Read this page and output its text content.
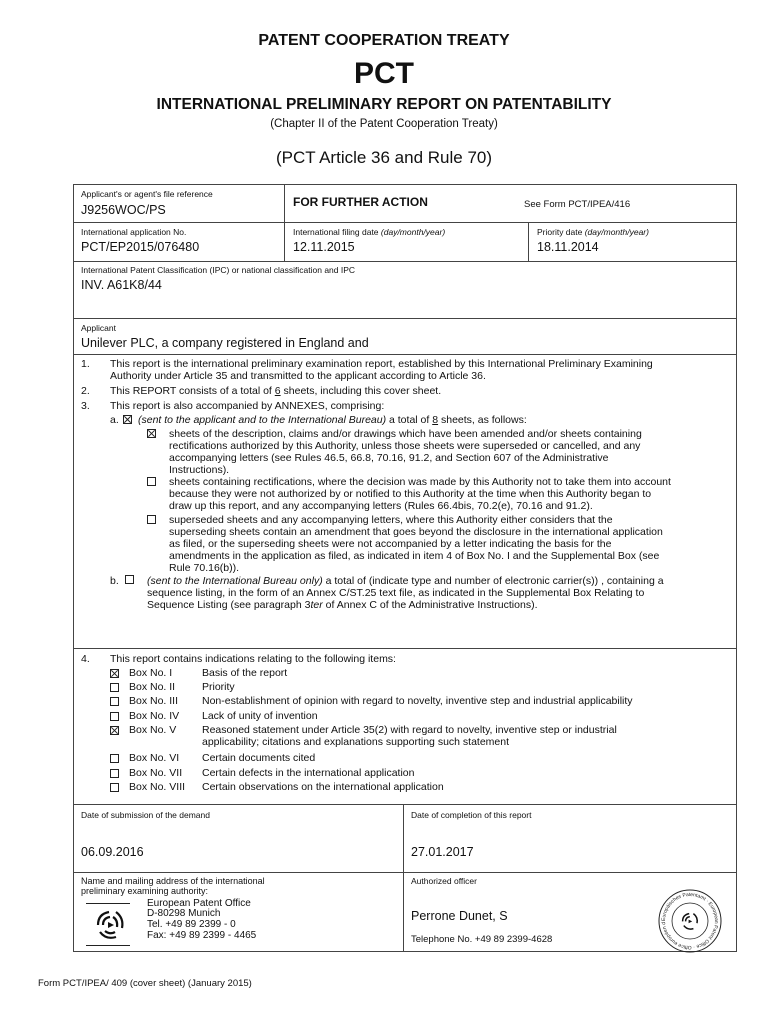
PATENT COOPERATION TREATY
PCT
INTERNATIONAL PRELIMINARY REPORT ON PATENTABILITY
(Chapter II of the Patent Cooperation Treaty)
(PCT Article 36 and Rule 70)
Applicant's or agent's file reference
J9256WOC/PS
FOR FURTHER ACTION	See Form PCT/IPEA/416
International application No.
PCT/EP2015/076480
International filing date (day/month/year)
12.11.2015
Priority date (day/month/year)
18.11.2014
International Patent Classification (IPC) or national classification and IPC
INV. A61K8/44
Applicant
Unilever PLC, a company registered in England and
1. This report is the international preliminary examination report, established by this International Preliminary Examining
Authority under Article 35 and transmitted to the applicant according to Article 36.
2. This REPORT consists of a total of 6 sheets, including this cover sheet.
3. This report is also accompanied by ANNEXES, comprising:
a. (sent to the applicant and to the International Bureau) a total of 8 sheets, as follows:
sheets of the description, claims and/or drawings which have been amended and/or sheets containing
rectifications authorized by this Authority, unless those sheets were superseded or cancelled, and any
accompanying letters (see Rules 46.5, 66.8, 70.16, 91.2, and Section 607 of the Administrative
Instructions).
sheets containing rectifications, where the decision was made by this Authority not to take them into account
because they were not authorized by or notified to this Authority at the time when this Authority began to
draw up this report, and any accompanying letters (Rules 66.4bis, 70.2(e), 70.16 and 91.2).
superseded sheets and any accompanying letters, where this Authority either considers that the
superseding sheets contain an amendment that goes beyond the disclosure in the international application
as filed, or the superseding sheets were not accompanied by a letter indicating the basis for the
amendments in the application as filed, as indicated in item 4 of Box No. I and the Supplemental Box (see
Rule 70.16(b)).
b.	(sent to the International Bureau only) a total of (indicate type and number of electronic carrier(s)) , containing a
sequence listing, in the form of an Annex C/ST.25 text file, as indicated in the Supplemental Box Relating to
Sequence Listing (see paragraph 3ter of Annex C of the Administrative Instructions).
4. This report contains indications relating to the following items:
Box No. I	Basis of the report
Box No. II	Priority
Box No. III Non-establishment of opinion with regard to novelty, inventive step and industrial applicability
Box No. IV Lack of unity of invention
Box No. V Reasoned statement under Article 35(2) with regard to novelty, inventive step or industrial
applicability; citations and explanations supporting such statement
Box No. VI Certain documents cited
Box No. VII Certain defects in the international application
Box No. VIII Certain observations on the international application
Date of submission of the demand
06.09.2016
Date of completion of this report
27.01.2017
Name and mailing address of the international
preliminary examining authority:
European Patent Office
D-80298 Munich
Tel. +49 89 2399 - 0
Fax: +49 89 2399 - 4465
Authorized officer
Perrone Dunet, S
Telephone No. +49 89 2399-4628
Europäisches Patentamt · European Patent Office · Office européen d
Form PCT/IPEA/ 409 (cover sheet) (January 2015)
